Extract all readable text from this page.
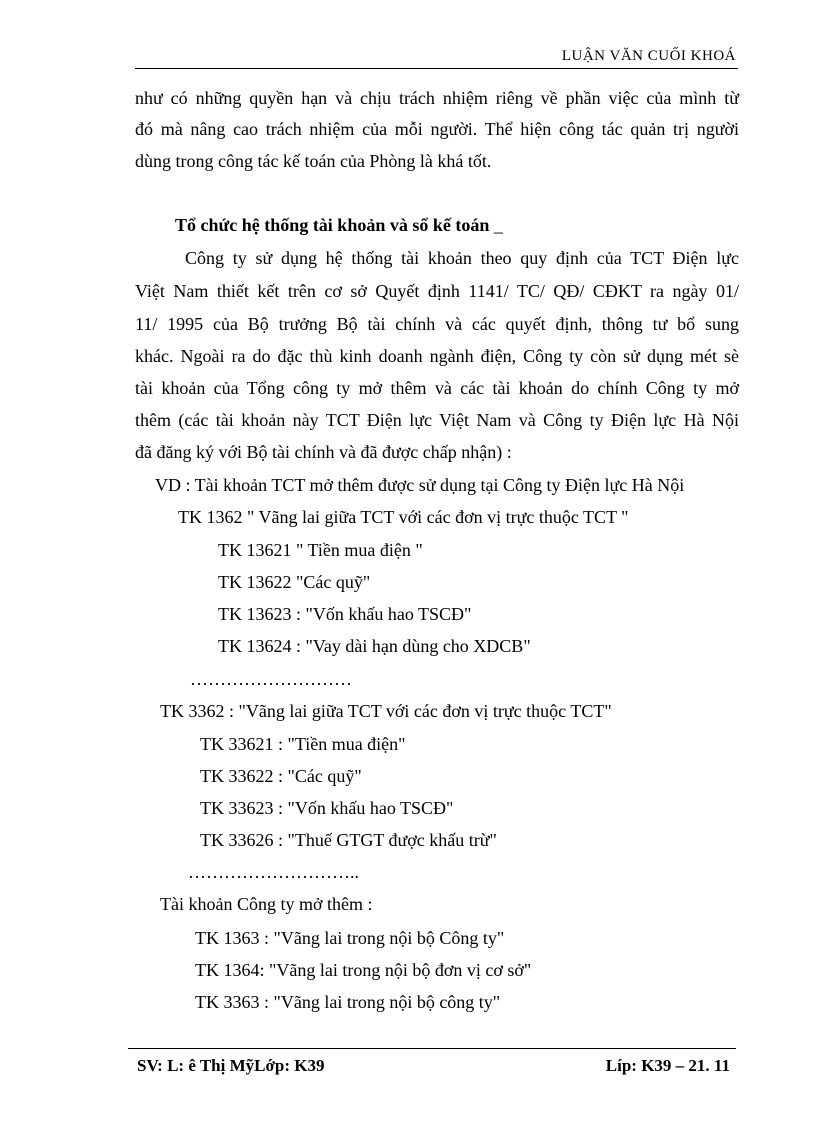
LUẬN VĂN CUỐI KHOÁ
như có những quyền hạn và chịu trách nhiệm riêng về phần việc của mình từ
đó mà nâng cao trách nhiệm của mỗi người. Thể hiện công tác quản trị người
dùng trong công tác kế toán của Phòng là khá tốt.
Tổ chức hệ thống tài khoản và sổ kế toán _
Công ty sử dụng hệ thống tài khoản theo quy định của TCT Điện lực
Việt Nam thiết kết trên cơ sở Quyết định 1141/ TC/ QĐ/ CĐKT ra ngày 01/
11/ 1995 của Bộ trưởng Bộ tài chính và các quyết định, thông tư bổ sung
khác. Ngoài ra do đặc thù kinh doanh ngành điện, Công ty còn sử dụng mét sè
tài khoản của Tổng công ty mở thêm và các tài khoản do chính Công ty mở
thêm (các tài khoản này TCT Điện lực Việt Nam và Công ty Điện lực Hà Nội
đã đăng ký với Bộ tài chính và đã được chấp nhận) :
VD : Tài khoản TCT mở thêm được sử dụng tại Công ty Điện lực Hà Nội
TK 1362 " Vãng lai giữa TCT với các đơn vị trực thuộc TCT "
TK 13621 " Tiền mua điện "
TK 13622 "Các quỹ"
TK 13623 : "Vốn khấu hao TSCĐ"
TK 13624 : "Vay dài hạn dùng cho XDCB"
………………………
TK 3362 : "Vãng lai giữa TCT với các đơn vị trực thuộc TCT"
TK 33621 : "Tiền mua điện"
TK 33622 : "Các quỹ"
TK 33623 : "Vốn khấu hao TSCĐ"
TK 33626 : "Thuế GTGT được khấu trừ"
………………………..
Tài khoản Công ty mở thêm :
TK 1363 : "Vãng lai trong nội bộ Công ty"
TK 1364: "Vãng lai trong nội bộ đơn vị cơ sở"
TK 3363 : "Vãng lai trong nội bộ công ty"
SV: L: ê Thị MỹLớp: K39	Líp: K39 – 21. 11
